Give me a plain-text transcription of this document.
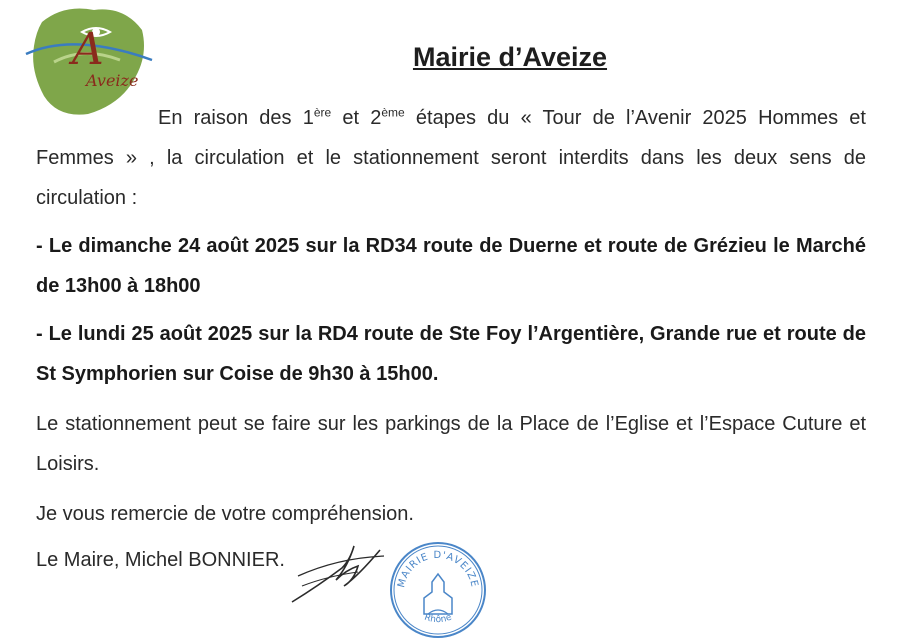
A
Aveize
Mairie d’Aveize
En raison des 1ère et 2ème étapes du « Tour de l’Avenir 2025 Hommes et Femmes » , la circulation et le stationnement seront interdits dans les deux sens de circulation :
- Le dimanche 24 août 2025 sur la RD34 route de Duerne et route de Grézieu le Marché de 13h00 à 18h00
- Le lundi 25 août 2025 sur la RD4 route de Ste Foy l’Argentière, Grande rue et route de St Symphorien sur Coise de 9h30 à 15h00.
Le stationnement peut se faire sur les parkings de la Place de l’Eglise et l’Espace Cuture et Loisirs.
Je vous remercie de votre compréhension.
Le Maire, Michel BONNIER.
MAIRIE D'AVEIZE
Rhône
